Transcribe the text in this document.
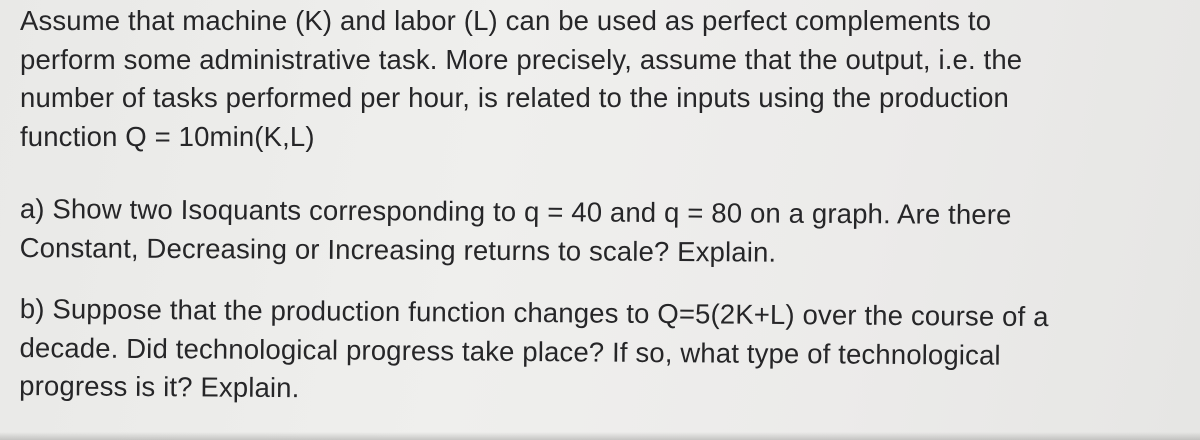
Assume that machine (K) and labor (L) can be used as perfect complements to
perform some administrative task. More precisely, assume that the output, i.e. the
number of tasks performed per hour, is related to the inputs using the production
function Q = 10min(K,L)

a) Show two Isoquants corresponding to q = 40 and q = 80 on a graph. Are there
Constant, Decreasing or Increasing returns to scale? Explain.

b) Suppose that the production function changes to Q=5(2K+L) over the course of a
decade. Did technological progress take place? If so, what type of technological
progress is it? Explain.
